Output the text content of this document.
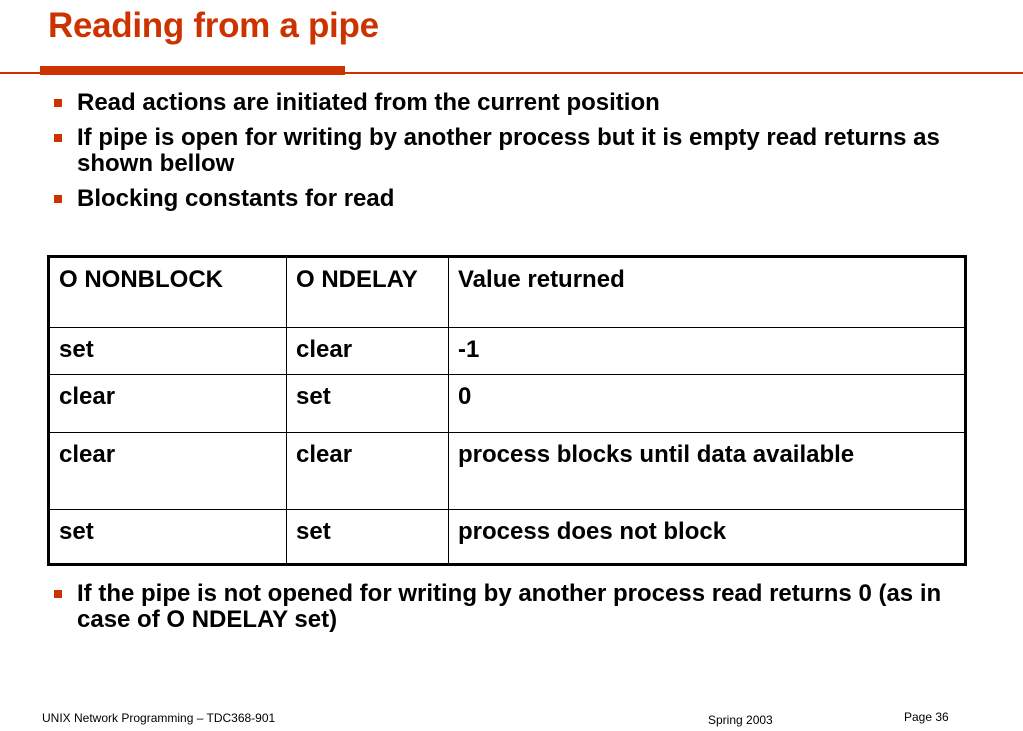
Reading from a pipe
Read actions are initiated from the current position
If pipe is open for writing by another process but it is empty read returns as shown bellow
Blocking constants for read
O NONBLOCK	O NDELAY	Value returned
set	clear	-1
clear	set	0
clear	clear	process blocks until data available
set	set	process does not block
If the pipe is not opened for writing by another process read returns 0 (as in case of O NDELAY set)
UNIX Network Programming – TDC368-901	Spring 2003	Page 36
